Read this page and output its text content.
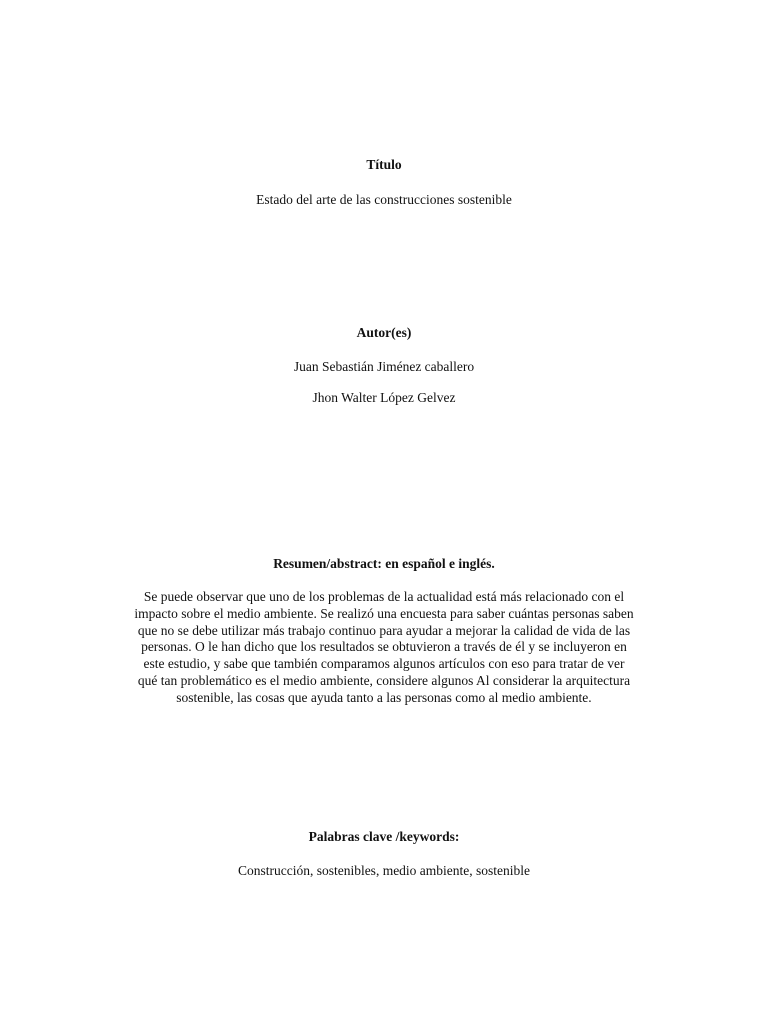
Título
Estado del arte de las construcciones sostenible
Autor(es)
Juan Sebastián Jiménez caballero
Jhon Walter López Gelvez
Resumen/abstract: en español e inglés.
Se puede observar que uno de los problemas de la actualidad está más relacionado con el impacto sobre el medio ambiente. Se realizó una encuesta para saber cuántas personas saben que no se debe utilizar más trabajo continuo para ayudar a mejorar la calidad de vida de las personas. O le han dicho que los resultados se obtuvieron a través de él y se incluyeron en este estudio, y sabe que también comparamos algunos artículos con eso para tratar de ver qué tan problemático es el medio ambiente, considere algunos Al considerar la arquitectura sostenible, las cosas que ayuda tanto a las personas como al medio ambiente.
Palabras clave /keywords:
Construcción, sostenibles, medio ambiente, sostenible
